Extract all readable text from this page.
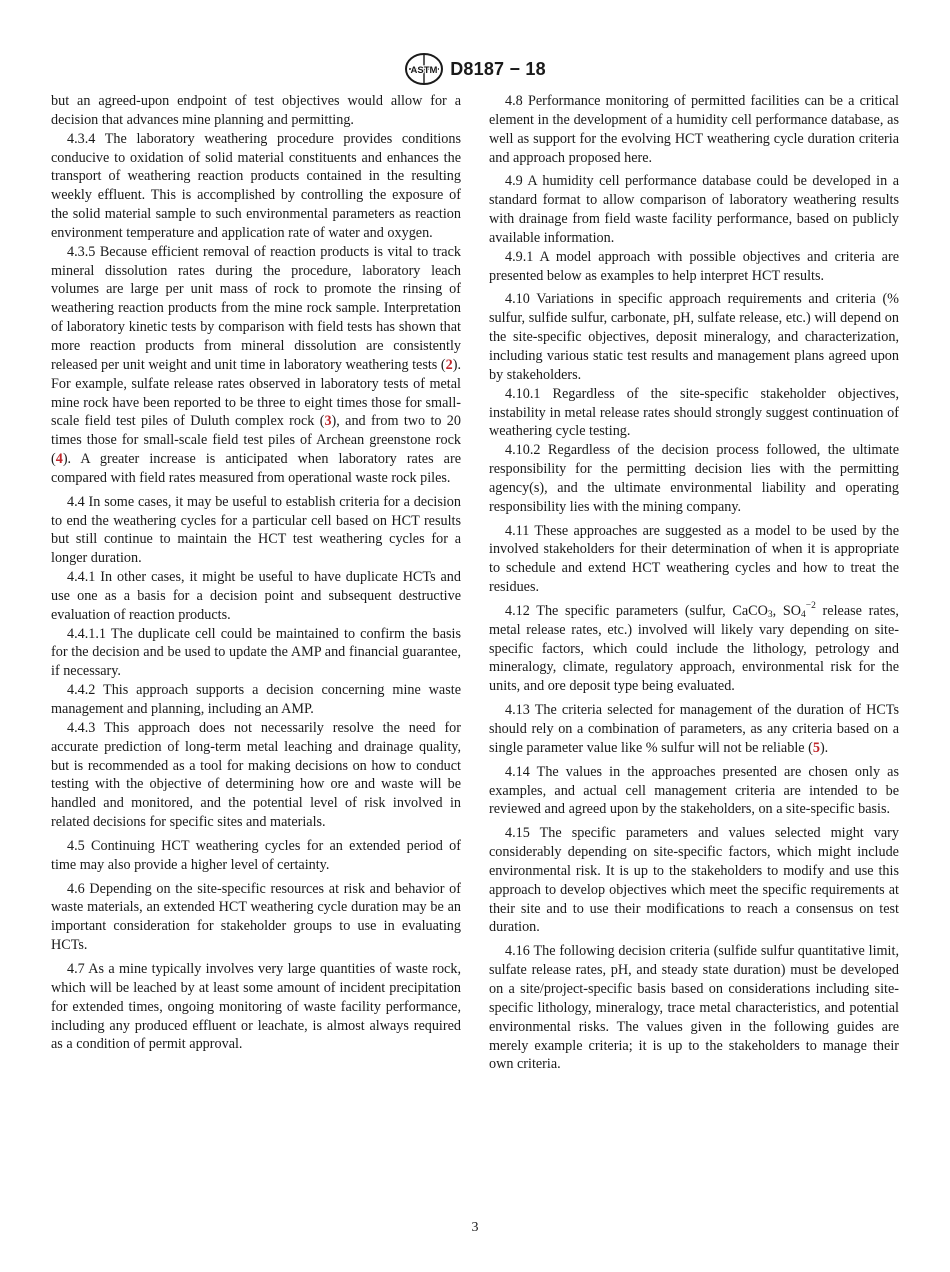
ASTM D8187 − 18

but an agreed-upon endpoint of test objectives would allow for a decision that advances mine planning and permitting.

4.3.4 The laboratory weathering procedure provides conditions conducive to oxidation of solid material constituents and enhances the transport of weathering reaction products contained in the resulting weekly effluent. This is accomplished by controlling the exposure of the solid material sample to such environmental parameters as reaction environment temperature and application rate of water and oxygen.

4.3.5 Because efficient removal of reaction products is vital to track mineral dissolution rates during the procedure, laboratory leach volumes are large per unit mass of rock to promote the rinsing of weathering reaction products from the mine rock sample. Interpretation of laboratory kinetic tests by comparison with field tests has shown that more reaction products from mineral dissolution are consistently released per unit weight and unit time in laboratory weathering tests (2). For example, sulfate release rates observed in laboratory tests of metal mine rock have been reported to be three to eight times those for small-scale field test piles of Duluth complex rock (3), and from two to 20 times those for small-scale field test piles of Archean greenstone rock (4). A greater increase is anticipated when laboratory rates are compared with field rates measured from operational waste rock piles.

4.4 In some cases, it may be useful to establish criteria for a decision to end the weathering cycles for a particular cell based on HCT results but still continue to maintain the HCT test weathering cycles for a longer duration.

4.4.1 In other cases, it might be useful to have duplicate HCTs and use one as a basis for a decision point and subsequent destructive evaluation of reaction products.

4.4.1.1 The duplicate cell could be maintained to confirm the basis for the decision and be used to update the AMP and financial guarantee, if necessary.

4.4.2 This approach supports a decision concerning mine waste management and planning, including an AMP.

4.4.3 This approach does not necessarily resolve the need for accurate prediction of long-term metal leaching and drainage quality, but is recommended as a tool for making decisions on how to conduct testing with the objective of determining how ore and waste will be handled and monitored, and the potential level of risk involved in related decisions for specific sites and materials.

4.5 Continuing HCT weathering cycles for an extended period of time may also provide a higher level of certainty.

4.6 Depending on the site-specific resources at risk and behavior of waste materials, an extended HCT weathering cycle duration may be an important consideration for stakeholder groups to use in evaluating HCTs.

4.7 As a mine typically involves very large quantities of waste rock, which will be leached by at least some amount of incident precipitation for extended times, ongoing monitoring of waste facility performance, including any produced effluent or leachate, is almost always required as a condition of permit approval.

4.8 Performance monitoring of permitted facilities can be a critical element in the development of a humidity cell performance database, as well as support for the evolving HCT weathering cycle duration criteria and approach proposed here.

4.9 A humidity cell performance database could be developed in a standard format to allow comparison of laboratory weathering results with drainage from field waste facility performance, based on publicly available information.

4.9.1 A model approach with possible objectives and criteria are presented below as examples to help interpret HCT results.

4.10 Variations in specific approach requirements and criteria (% sulfur, sulfide sulfur, carbonate, pH, sulfate release, etc.) will depend on the site-specific objectives, deposit mineralogy, and characterization, including various static test results and management plans agreed upon by stakeholders.

4.10.1 Regardless of the site-specific stakeholder objectives, instability in metal release rates should strongly suggest continuation of weathering cycle testing.

4.10.2 Regardless of the decision process followed, the ultimate responsibility for the permitting decision lies with the permitting agency(s), and the ultimate environmental liability and operating responsibility lies with the mining company.

4.11 These approaches are suggested as a model to be used by the involved stakeholders for their determination of when it is appropriate to schedule and extend HCT weathering cycles and how to treat the residues.

4.12 The specific parameters (sulfur, CaCO$_3$, $SO_4^{-2}$ release rates, metal release rates, etc.) involved will likely vary depending on site-specific factors, which could include the lithology, petrology and mineralogy, climate, regulatory approach, environmental risk for the units, and ore deposit type being evaluated.

4.13 The criteria selected for management of the duration of HCTs should rely on a combination of parameters, as any criteria based on a single parameter value like % sulfur will not be reliable (5).

4.14 The values in the approaches presented are chosen only as examples, and actual cell management criteria are intended to be reviewed and agreed upon by the stakeholders, on a site-specific basis.

4.15 The specific parameters and values selected might vary considerably depending on site-specific factors, which might include environmental risk. It is up to the stakeholders to modify and use this approach to develop objectives which meet the specific requirements at their site and to use their modifications to reach a consensus on test duration.

4.16 The following decision criteria (sulfide sulfur quantitative limit, sulfate release rates, pH, and steady state duration) must be developed on a site/project-specific basis based on considerations including site-specific lithology, mineralogy, trace metal characteristics, and potential environmental risks. The values given in the following guides are merely example criteria; it is up to the stakeholders to manage their own criteria.

3
